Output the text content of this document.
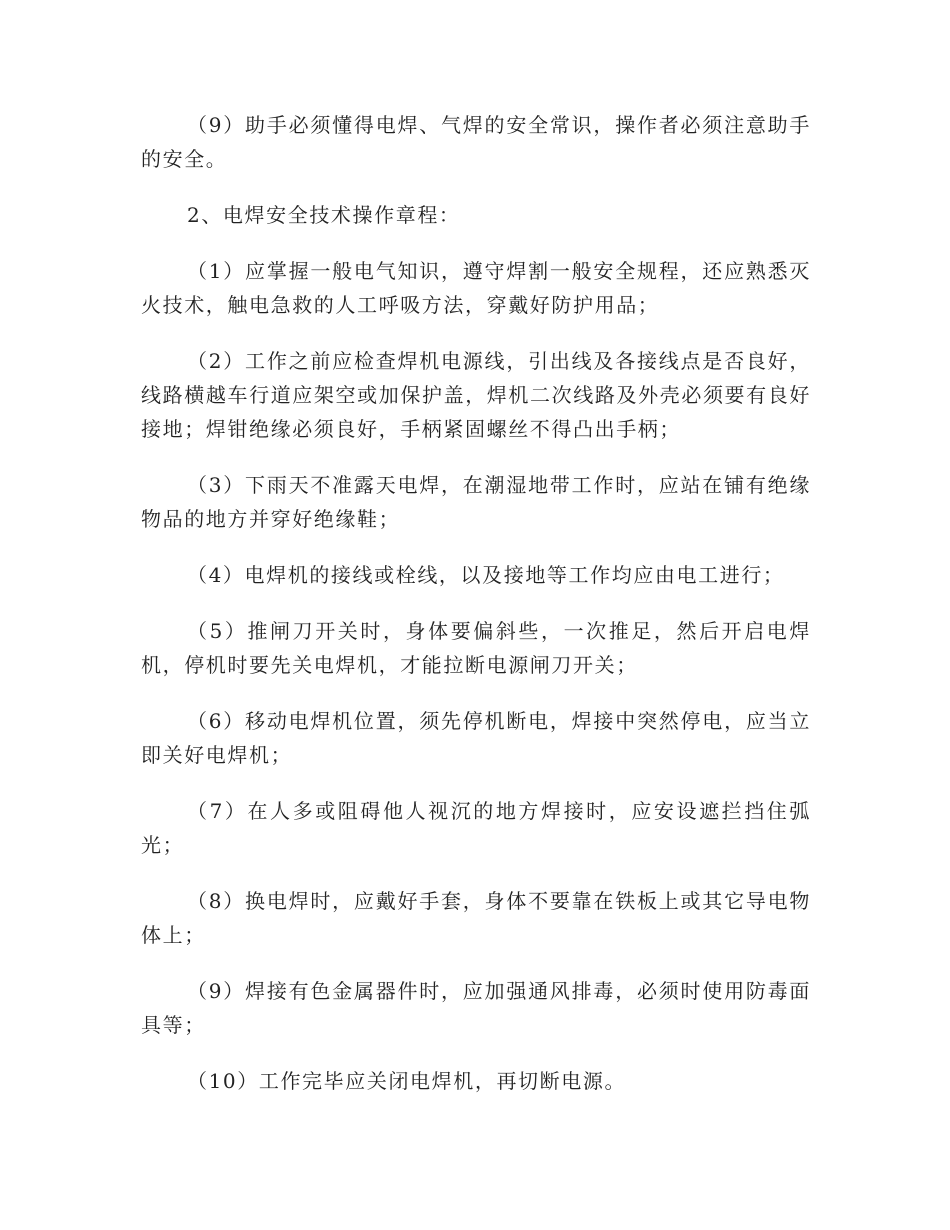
（9）助手必须懂得电焊、气焊的安全常识，操作者必须注意助手的安全。

2、电焊安全技术操作章程：

（1）应掌握一般电气知识，遵守焊割一般安全规程，还应熟悉灭火技术，触电急救的人工呼吸方法，穿戴好防护用品；

（2）工作之前应检查焊机电源线，引出线及各接线点是否良好，线路横越车行道应架空或加保护盖，焊机二次线路及外壳必须要有良好接地；焊钳绝缘必须良好，手柄紧固螺丝不得凸出手柄；

（3）下雨天不准露天电焊，在潮湿地带工作时，应站在铺有绝缘物品的地方并穿好绝缘鞋；

（4）电焊机的接线或栓线，以及接地等工作均应由电工进行；

（5）推闸刀开关时，身体要偏斜些，一次推足，然后开启电焊机，停机时要先关电焊机，才能拉断电源闸刀开关；

（6）移动电焊机位置，须先停机断电，焊接中突然停电，应当立即关好电焊机；

（7）在人多或阻碍他人视沉的地方焊接时，应安设遮拦挡住弧光；

（8）换电焊时，应戴好手套，身体不要靠在铁板上或其它导电物体上；

（9）焊接有色金属器件时，应加强通风排毒，必须时使用防毒面具等；

（10）工作完毕应关闭电焊机，再切断电源。
